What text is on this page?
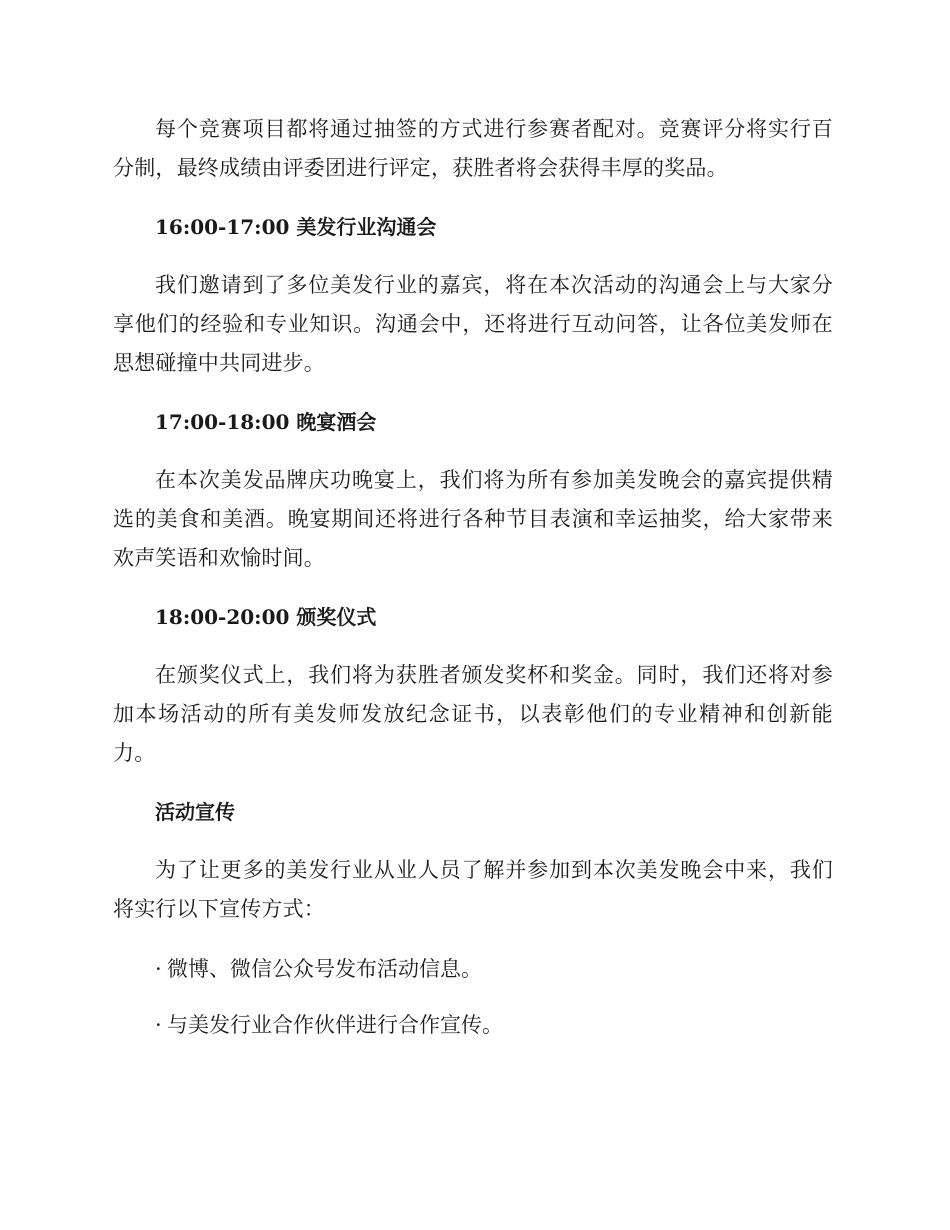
每个竞赛项目都将通过抽签的方式进行参赛者配对。竞赛评分将实行百分制，最终成绩由评委团进行评定，获胜者将会获得丰厚的奖品。

16:00-17:00 美发行业沟通会

我们邀请到了多位美发行业的嘉宾，将在本次活动的沟通会上与大家分享他们的经验和专业知识。沟通会中，还将进行互动问答，让各位美发师在思想碰撞中共同进步。

17:00-18:00 晚宴酒会

在本次美发品牌庆功晚宴上，我们将为所有参加美发晚会的嘉宾提供精选的美食和美酒。晚宴期间还将进行各种节目表演和幸运抽奖，给大家带来欢声笑语和欢愉时间。

18:00-20:00 颁奖仪式

在颁奖仪式上，我们将为获胜者颁发奖杯和奖金。同时，我们还将对参加本场活动的所有美发师发放纪念证书，以表彰他们的专业精神和创新能力。

活动宣传

为了让更多的美发行业从业人员了解并参加到本次美发晚会中来，我们将实行以下宣传方式：

· 微博、微信公众号发布活动信息。
· 与美发行业合作伙伴进行合作宣传。
